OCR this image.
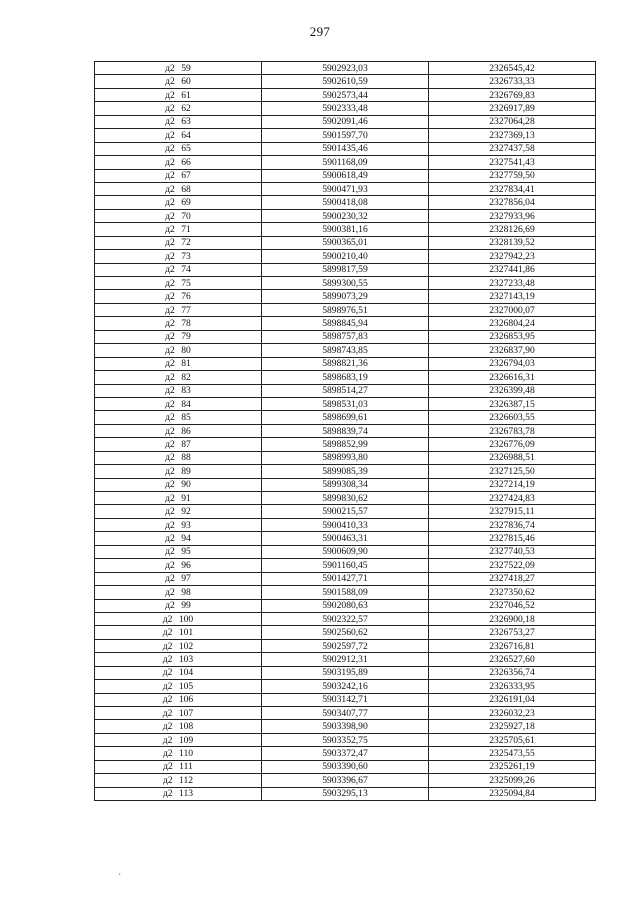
297
д2 59	5902923,03	2326545,42
д2 60	5902610,59	2326733,33
д2 61	5902573,44	2326769,83
д2 62	5902333,48	2326917,89
д2 63	5902091,46	2327064,28
д2 64	5901597,70	2327369,13
д2 65	5901435,46	2327437,58
д2 66	5901168,09	2327541,43
д2 67	5900618,49	2327759,50
д2 68	5900471,93	2327834,41
д2 69	5900418,08	2327856,04
д2 70	5900230,32	2327933,96
д2 71	5900381,16	2328126,69
д2 72	5900365,01	2328139,52
д2 73	5900210,40	2327942,23
д2 74	5899817,59	2327441,86
д2 75	5899300,55	2327233,48
д2 76	5899073,29	2327143,19
д2 77	5898976,51	2327000,07
д2 78	5898845,94	2326804,24
д2 79	5898757,83	2326853,95
д2 80	5898743,85	2326837,90
д2 81	5898821,36	2326794,03
д2 82	5898683,19	2326616,31
д2 83	5898514,27	2326399,48
д2 84	5898531,03	2326387,15
д2 85	5898699,61	2326603,55
д2 86	5898839,74	2326783,78
д2 87	5898852,99	2326776,09
д2 88	5898993,80	2326988,51
д2 89	5899085,39	2327125,50
д2 90	5899308,34	2327214,19
д2 91	5899830,62	2327424,83
д2 92	5900215,57	2327915,11
д2 93	5900410,33	2327836,74
д2 94	5900463,31	2327815,46
д2 95	5900609,90	2327740,53
д2 96	5901160,45	2327522,09
д2 97	5901427,71	2327418,27
д2 98	5901588,09	2327350,62
д2 99	5902080,63	2327046,52
д2 100	5902322,57	2326900,18
д2 101	5902560,62	2326753,27
д2 102	5902597,72	2326716,81
д2 103	5902912,31	2326527,60
д2 104	5903195,89	2326356,74
д2 105	5903242,16	2326333,95
д2 106	5903142,71	2326191,04
д2 107	5903407,77	2326032,23
д2 108	5903398,90	2325927,18
д2 109	5903352,75	2325705,61
д2 110	5903372,47	2325473,55
д2 111	5903390,60	2325261,19
д2 112	5903396,67	2325099,26
д2 113	5903295,13	2325094,84
ˊ
